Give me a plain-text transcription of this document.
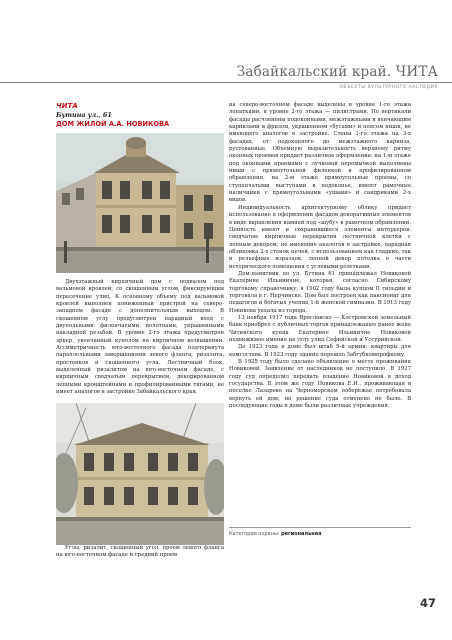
Забайкальский край. ЧИТА
ОБЪЕКТЫ КУЛЬТУРНОГО НАСЛЕДИЯ
ЧИТА
Бутина ул., 61
ДОМ ЖИЛОЙ А.А. НОВИКОВА

Двухэтажный кирпичный дом с подвалом под вальмовой кровлей, со скошенным углом, фиксирующим пересечение улиц. К основному объему под вальмовой кровлей выполнен пониженный пристрой на северо-западном фасаде с дополнительным выходом. В скошенном углу предусмотрен парадный вход с двупольными филенчатыми полотнами, украшенными накладной резьбой. В уровне 2-го этажа предусмотрен эркер, увенчанный куполом на кирпичном возвышении. Ассиметричность юго-восточного фасада подчеркнута параллельными завершениями левого фланга, ризалита, простенков и скошенного угла. Лестничный блок, выделенный ризалитом на юго-восточном фасаде, с кирпичным сводчатым перекрытием, декорированном лепными кронштейнами и профилированными тягами, не имеет аналогов в застройке Забайкальского края.

Углы, ризалит, скошенный угол, проем левого фланга на юго-восточном фасаде и средний проем

на северо-восточном фасаде выделены в уровне 1-го этажа лопатками, в уровне 2-го этажа — пилястрами. По вертикали фасады расчленены подоконными, межэтажными и венчающим карнизами и фризом, украшенном «бусами» и поясом ниши, не имеющего аналогов в застройке. Стены 1-го этажа на 3-х фасадах, от подоконного до межэтажного карниза, рустованные. Объемную выразительность верхнему ритму оконных проемов придает различное оформление: на 1-м этаже под оконными проемами с лучковой перемычкой выполнены ниши с прямоугольной филенкой в профилированном обрамлении, на 2-м этаже прямоугольные проемы, со ступенчатыми выступами в подоконье, имеют рамочные наличники с прямоугольными «ушами» и сандриками 2-х видов.

Индивидуальность архитектурному облику придает использование в оформлении фасадов декоративных элементов в виде вкрапления камней под «шубу» в рамочном обрамлении. Ценность имеют и сохранившиеся элементы интерьеров: сводчатые кирпичные перекрытия лестничной клетки с лепным декором, не имеющие аналогов в застройке, парадная облицовка 2-х стенок печей, с использованием как гладких, так и рельефных изразцов, лепной декор потолка в части исторического помещения с угловыми розетками.

Дом-памятник по ул. Бутина 61 принадлежал Новиковой Екатерине Ильиничне, которая, согласно Сибирскому торговому справочнику, в 1902 году была купцом II гильдии и торговала в г. Нерчинске. Дом был построен как пансионат для педагогов и богатых учениц 1-й женской гимназии. В 1913 году Новикова уехала из города.

13 ноября 1917 года Ярославско — Костромской земельный банк приобрел с публичных торгов принадлежащее ранее жене Читинского купца Екатерине Ильиничне Новиковой недвижимое имение на углу улиц Софийской и Уссурийской.

До 1923 года в доме был штаб 5-й армии, квартиры для комсостава. В 1923 году здание перешло Забгубкомпрофкому.

В 1925 году было сделано объявление о месте проживания Новиковой. Заявление от наследников не поступило. В 1927 году суд определил передать владение Новиковой в доход государства. В этом же году Новикова Е.И., проживающая в поселке Лазарево на Черноморском побережье потребовала вернуть ей дом, но решение суда отменено не было. В последующие годы в доме были различные учреждения.

Категория охраны: региональная
47
